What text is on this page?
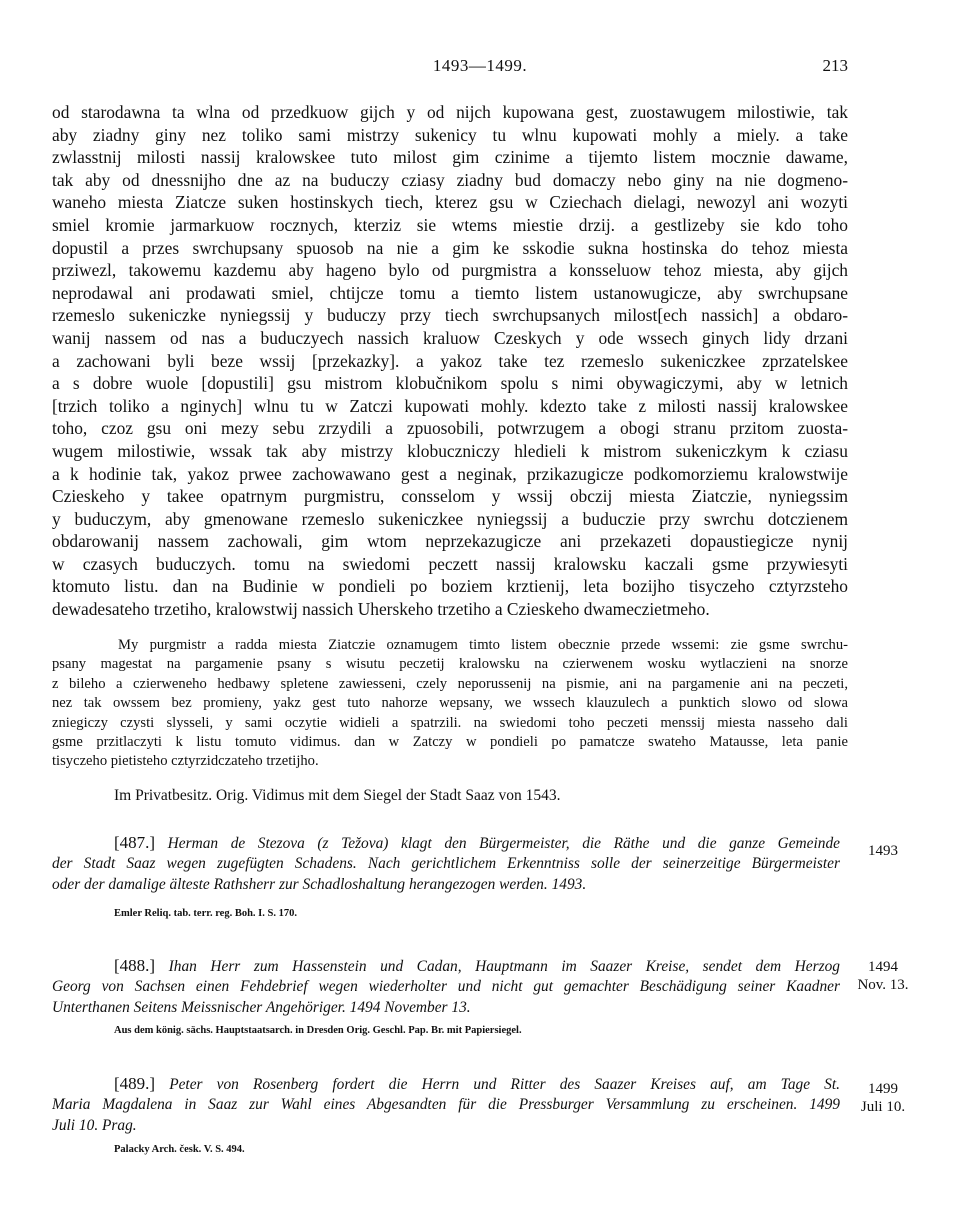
1493—1499.	213
od starodawna ta wlna od przedkuow gijch y od nijch kupowana gest, zuostawugem milostiwie, tak
aby ziadny giny nez toliko sami mistrzy sukenicy tu wlnu kupowati mohly a miely. a take
zwlasstnij milosti nassij kralowskee tuto milost gim czinime a tijemto listem mocznie dawame,
tak aby od dnessnijho dne az na buduczy cziasy ziadny bud domaczy nebo giny na nie dogmeno-
waneho miesta Ziatcze suken hostinskych tiech, kterez gsu w Cziechach dielagi, newozyl ani wozyti
smiel kromie jarmarkuow rocznych, kterziz sie wtems miestie drzij. a gestlizeby sie kdo toho
dopustil a przes swrchupsany spuosob na nie a gim ke sskodie sukna hostinska do tehoz miesta
prziwezl, takowemu kazdemu aby hageno bylo od purgmistra a konsseluow tehoz miesta, aby gijch
neprodawal ani prodawati smiel, chtijcze tomu a tiemto listem ustanowugicze, aby swrchupsane
rzemeslo sukeniczke nyniegssij y buduczy przy tiech swrchupsanych milost[ech nassich] a obdaro-
wanij nassem od nas a buduczyech nassich kraluow Czeskych y ode wssech ginych lidy drzani
a zachowani byli beze wssij [przekazky]. a yakoz take tez rzemeslo sukeniczkee zprzatelskee
a s dobre wuole [dopustili] gsu mistrom klobučnikom spolu s nimi obywagiczymi, aby w letnich
[trzich toliko a nginych] wlnu tu w Zatczi kupowati mohly. kdezto take z milosti nassij kralowskee
toho, czoz gsu oni mezy sebu zrzydili a zpuosobili, potwrzugem a obogi stranu przitom zuosta-
wugem milostiwie, wssak tak aby mistrzy klobuczniczy hledieli k mistrom sukeniczkym k cziasu
a k hodinie tak, yakoz prwee zachowawano gest a neginak, przikazugicze podkomorziemu kralowstwije
Czieskeho y takee opatrnym purgmistru, consselom y wssij obczij miesta Ziatczie, nyniegssim
y buduczym, aby gmenowane rzemeslo sukeniczkee nyniegssij a buduczie przy swrchu dotczienem
obdarowanij nassem zachowali, gim wtom neprzekazugicze ani przekazeti dopaustiegicze nynij
w czasych buduczych. tomu na swiedomi peczett nassij kralowsku kaczali gsme przywiesyti
ktomuto listu. dan na Budinie w pondieli po boziem krztienij, leta bozijho tisyczeho cztyrzsteho
dewadesateho trzetiho, kralowstwij nassich Uherskeho trzetiho a Czieskeho dwameczietmeho.
My purgmistr a radda miesta Ziatczie oznamugem timto listem obecznie przede wssemi: zie gsme swrchu-
psany magestat na pargamenie psany s wisutu peczetij kralowsku na czierwenem wosku wytlaczieni na snorze
z bileho a czierweneho hedbawy spletene zawiesseni, czely neporussenij na pismie, ani na pargamenie ani na peczeti,
nez tak owssem bez promieny, yakz gest tuto nahorze wepsany, we wssech klauzulech a punktich slowo od slowa
zniegiczy czysti slysseli, y sami oczytie widieli a spatrzili. na swiedomi toho peczeti menssij miesta nasseho dali
gsme przitlaczyti k listu tomuto vidimus. dan w Zatczy w pondieli po pamatcze swateho Matausse, leta panie
tisyczeho pietisteho cztyrzidczateho trzetijho.
Im Privatbesitz. Orig. Vidimus mit dem Siegel der Stadt Saaz von 1543.
[487.] Herman de Stezova (z Težova) klagt den Bürgermeister, die Räthe und die ganze Gemeinde
der Stadt Saaz wegen zugefügten Schadens. Nach gerichtlichem Erkenntniss solle der seinerzeitige Bürgermeister
oder der damalige älteste Rathsherr zur Schadloshaltung herangezogen werden. 1493.
1493
Emler Reliq. tab. terr. reg. Boh. I. S. 170.
[488.] Ihan Herr zum Hassenstein und Cadan, Hauptmann im Saazer Kreise, sendet dem Herzog
Georg von Sachsen einen Fehdebrief wegen wiederholter und nicht gut gemachter Beschädigung seiner Kaadner
Unterthanen Seitens Meissnischer Angehöriger. 1494 November 13.
1494
Nov. 13.
Aus dem könig. sächs. Hauptstaatsarch. in Dresden Orig. Geschl. Pap. Br. mit Papiersiegel.
[489.] Peter von Rosenberg fordert die Herrn und Ritter des Saazer Kreises auf, am Tage St.
Maria Magdalena in Saaz zur Wahl eines Abgesandten für die Pressburger Versammlung zu erscheinen. 1499
Juli 10. Prag.
1499
Juli 10.
Palacky Arch. česk. V. S. 494.
